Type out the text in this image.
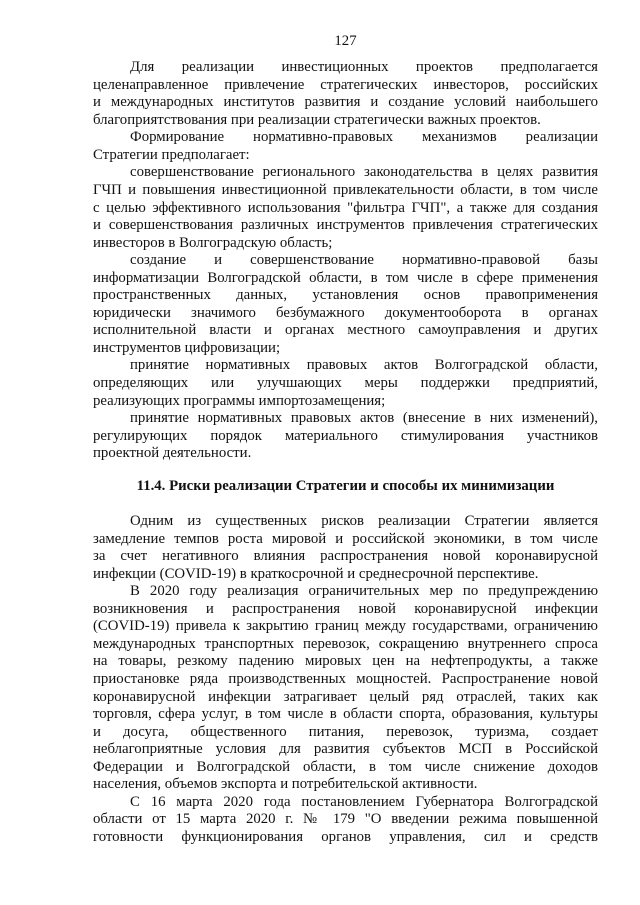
127
Для реализации инвестиционных проектов предполагается
целенаправленное привлечение стратегических инвесторов, российских
и международных институтов развития и создание условий наибольшего
благоприятствования при реализации стратегически важных проектов.
Формирование нормативно-правовых механизмов реализации
Стратегии предполагает:
совершенствование регионального законодательства в целях развития
ГЧП и повышения инвестиционной привлекательности области, в том числе
с целью эффективного использования "фильтра ГЧП", а также для создания
и совершенствования различных инструментов привлечения стратегических
инвесторов в Волгоградскую область;
создание и совершенствование нормативно-правовой базы
информатизации Волгоградской области, в том числе в сфере применения
пространственных данных, установления основ правоприменения
юридически значимого безбумажного документооборота в органах
исполнительной власти и органах местного самоуправления и других
инструментов цифровизации;
принятие нормативных правовых актов Волгоградской области,
определяющих или улучшающих меры поддержки предприятий,
реализующих программы импортозамещения;
принятие нормативных правовых актов (внесение в них изменений),
регулирующих порядок материального стимулирования участников
проектной деятельности.
11.4. Риски реализации Стратегии и способы их минимизации
Одним из существенных рисков реализации Стратегии является
замедление темпов роста мировой и российской экономики, в том числе
за счет негативного влияния распространения новой коронавирусной
инфекции (COVID-19) в краткосрочной и среднесрочной перспективе.
В 2020 году реализация ограничительных мер по предупреждению
возникновения и распространения новой коронавирусной инфекции
(COVID-19) привела к закрытию границ между государствами, ограничению
международных транспортных перевозок, сокращению внутреннего спроса
на товары, резкому падению мировых цен на нефтепродукты, а также
приостановке ряда производственных мощностей. Распространение новой
коронавирусной инфекции затрагивает целый ряд отраслей, таких как
торговля, сфера услуг, в том числе в области спорта, образования, культуры
и досуга, общественного питания, перевозок, туризма, создает
неблагоприятные условия для развития субъектов МСП в Российской
Федерации и Волгоградской области, в том числе снижение доходов
населения, объемов экспорта и потребительской активности.
С 16 марта 2020 года постановлением Губернатора Волгоградской
области от 15 марта 2020 г. № 179 "О введении режима повышенной
готовности функционирования органов управления, сил и средств
